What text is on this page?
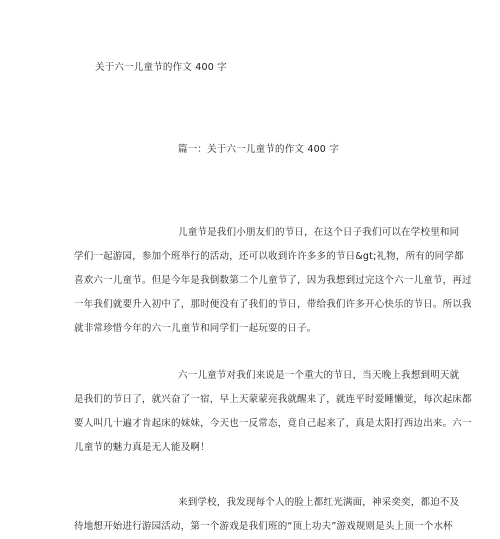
关于六一儿童节的作文 400 字
篇一：关于六一儿童节的作文 400 字
儿童节是我们小朋友们的节日，在这个日子我们可以在学校里和同
学们一起游园，参加个班举行的活动，还可以收到许许多多的节日&gt;礼物，所有的同学都
喜欢六一儿童节。但是今年是我倒数第二个儿童节了，因为我想到过完这个六一儿童节，再过
一年我们就要升入初中了，那时便没有了我们的节日，带给我们许多开心快乐的节日。所以我
就非常珍惜今年的六一儿童节和同学们一起玩耍的日子。
六一儿童节对我们来说是一个重大的节日，当天晚上我想到明天就
是我们的节日了，就兴奋了一宿，早上天蒙蒙亮我就醒来了，就连平时爱睡懒觉，每次起床都
要人叫几十遍才肯起床的妹妹，今天也一反常态，竟自己起来了，真是太阳打西边出来。六一
儿童节的魅力真是无人能及啊！
来到学校，我发现每个人的脸上都红光满面，神采奕奕，都迫不及
待地想开始进行游园活动，第一个游戏是我们班的“顶上功夫”游戏规则是头上顶一个水杯
